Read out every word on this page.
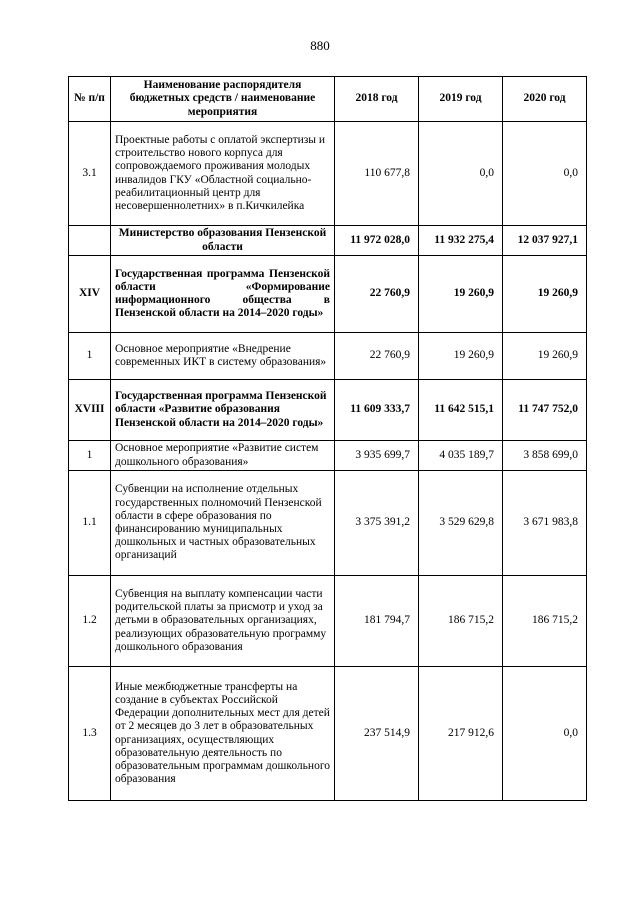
880
№ п/п	Наименование распорядителя бюджетных средств / наименование мероприятия	2018 год	2019 год	2020 год
3.1	Проектные работы с оплатой экспертизы и строительство нового корпуса для сопровождаемого проживания молодых инвалидов ГКУ «Областной социально-реабилитационный центр для несовершеннолетних» в п.Кичкилейка	110 677,8	0,0	0,0
	Министерство образования Пензенской области	11 972 028,0	11 932 275,4	12 037 927,1
XIV	Государственная программа Пензенской области «Формирование информационного общества в Пензенской области на 2014–2020 годы»	22 760,9	19 260,9	19 260,9
1	Основное мероприятие «Внедрение современных ИКТ в систему образования»	22 760,9	19 260,9	19 260,9
XVIII	Государственная программа Пензенской области «Развитие образования Пензенской области на 2014–2020 годы»	11 609 333,7	11 642 515,1	11 747 752,0
1	Основное мероприятие «Развитие систем дошкольного образования»	3 935 699,7	4 035 189,7	3 858 699,0
1.1	Субвенции на исполнение отдельных государственных полномочий Пензенской области в сфере образования по финансированию муниципальных дошкольных и частных образовательных организаций	3 375 391,2	3 529 629,8	3 671 983,8
1.2	Субвенция на выплату компенсации части родительской платы за присмотр и уход за детьми в образовательных организациях, реализующих образовательную программу дошкольного образования	181 794,7	186 715,2	186 715,2
1.3	Иные межбюджетные трансферты на создание в субъектах Российской Федерации дополнительных мест для детей от 2 месяцев до 3 лет в образовательных организациях, осуществляющих образовательную деятельность по образовательным программам дошкольного образования	237 514,9	217 912,6	0,0
